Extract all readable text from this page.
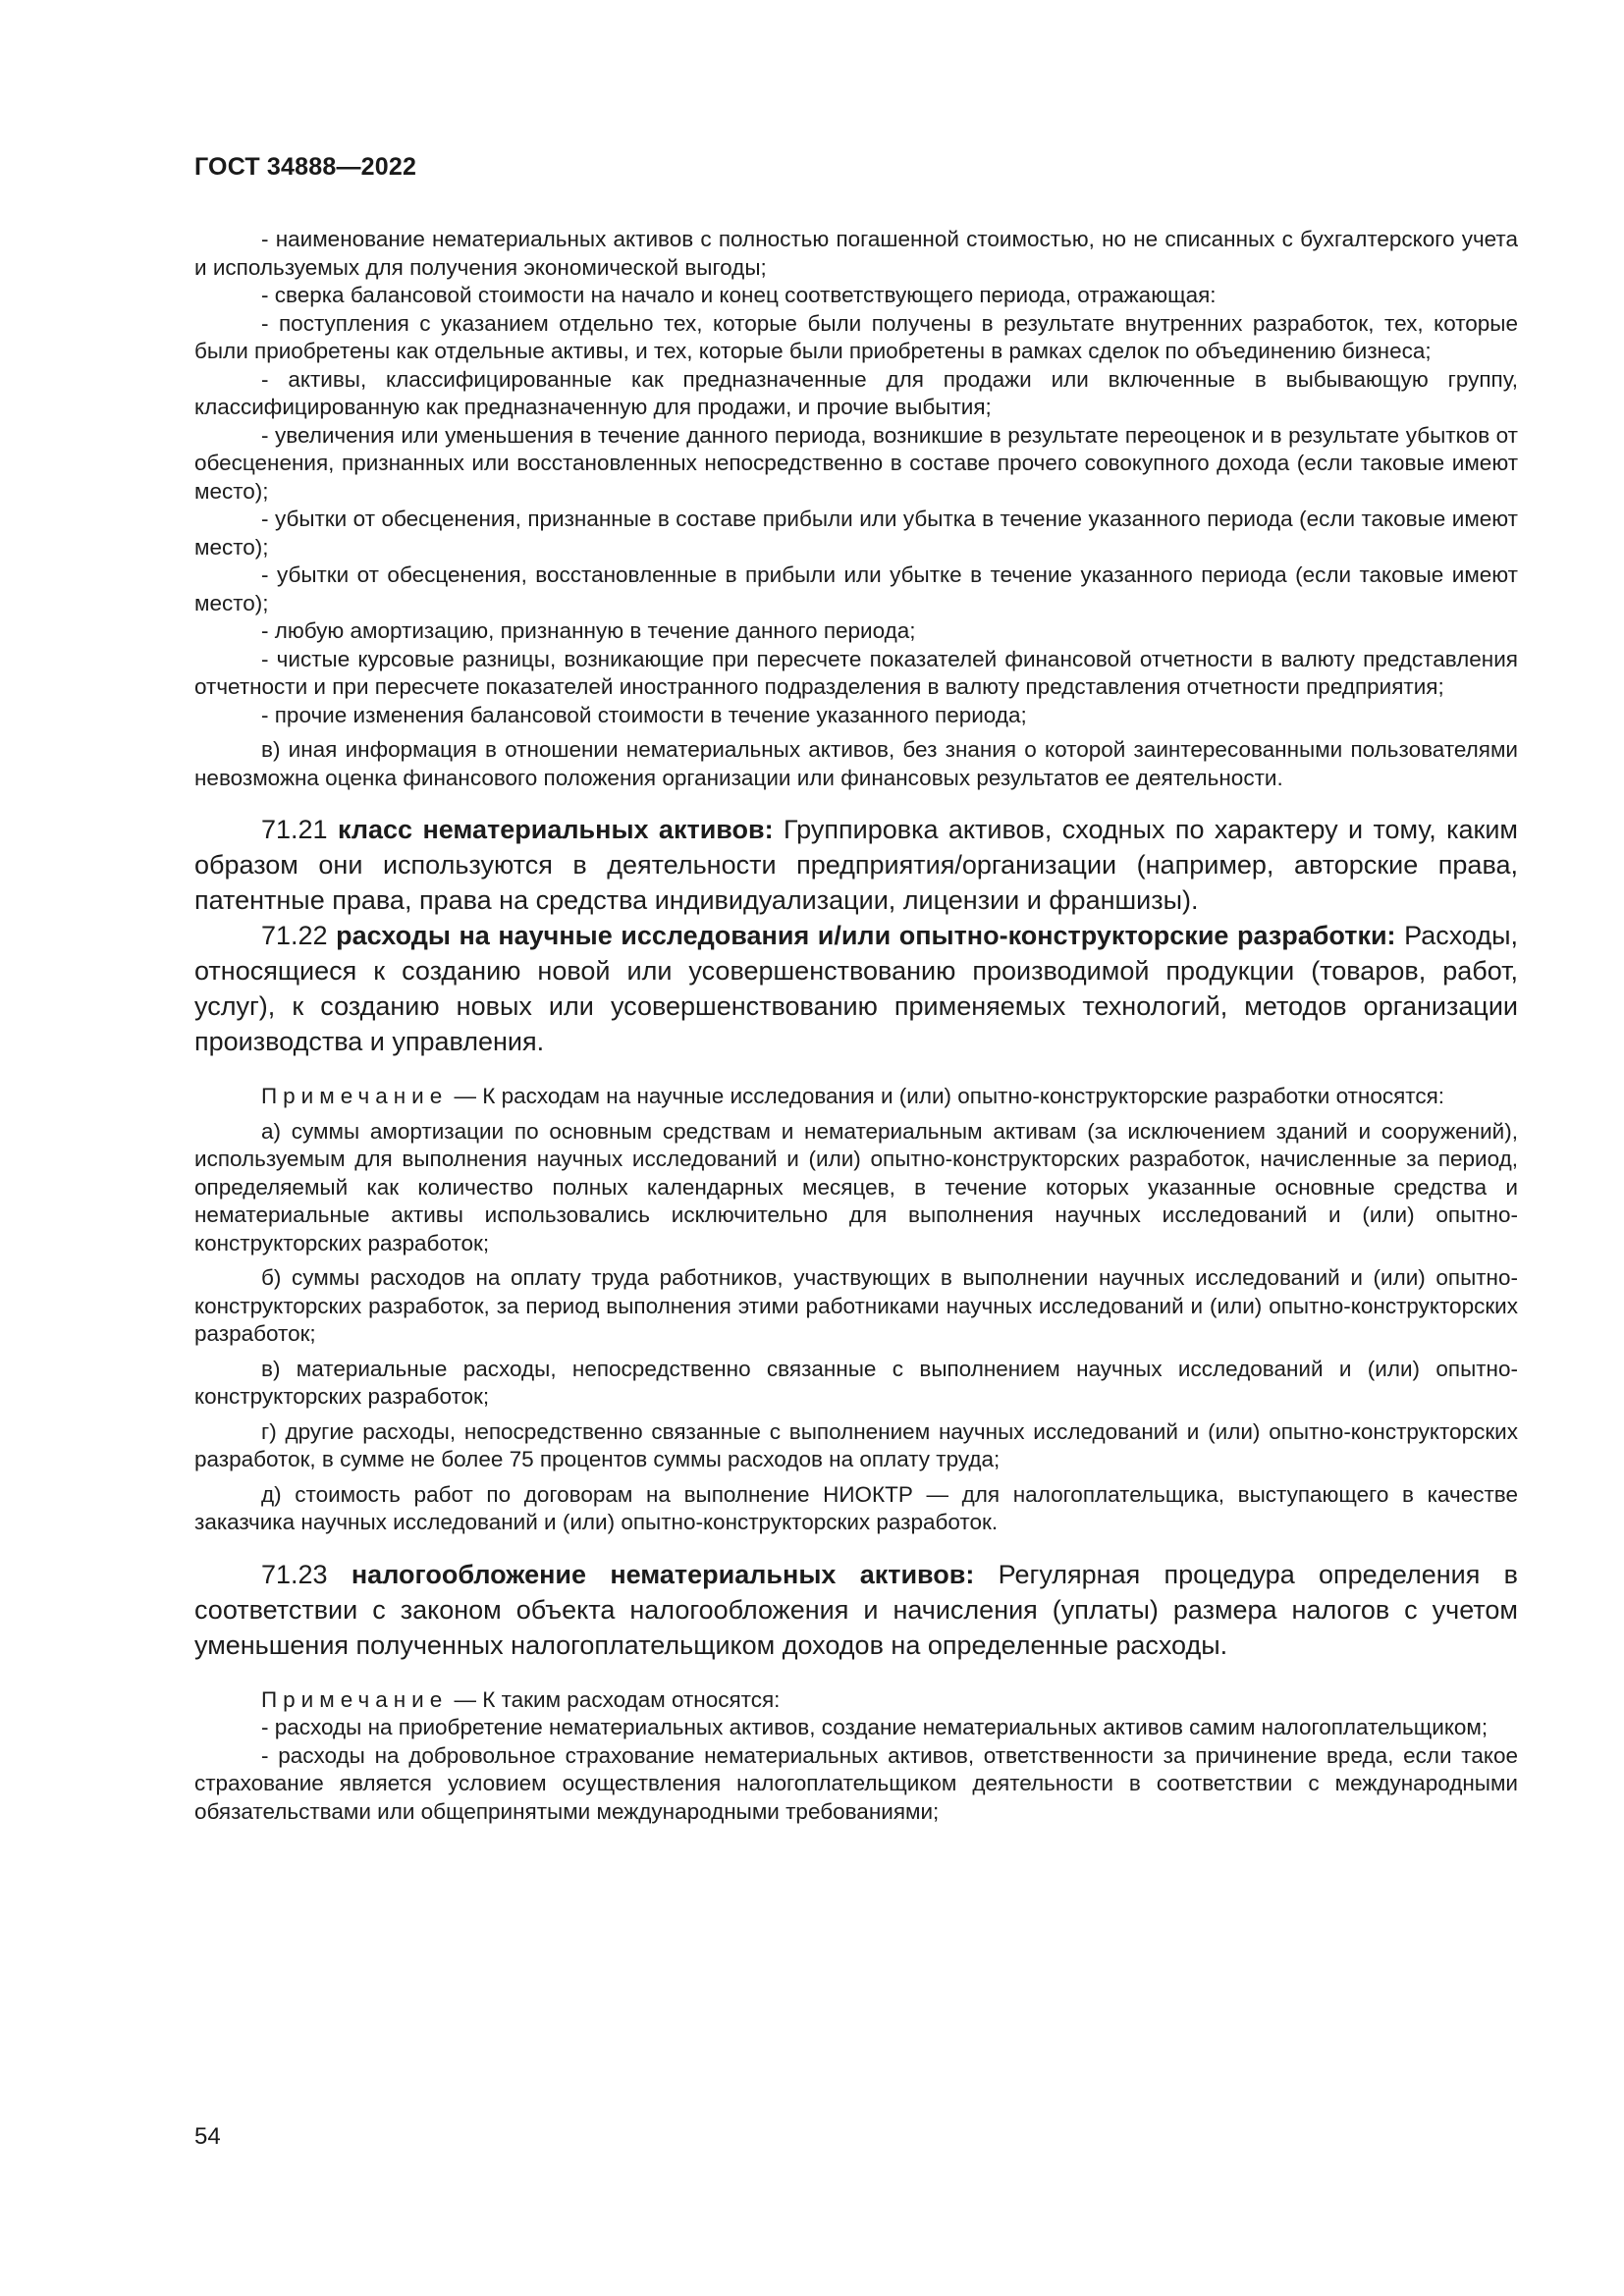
ГОСТ 34888—2022

- наименование нематериальных активов с полностью погашенной стоимостью, но не списанных с бухгалтерского учета и используемых для получения экономической выгоды;

- сверка балансовой стоимости на начало и конец соответствующего периода, отражающая:

- поступления с указанием отдельно тех, которые были получены в результате внутренних разработок, тех, которые были приобретены как отдельные активы, и тех, которые были приобретены в рамках сделок по объединению бизнеса;

- активы, классифицированные как предназначенные для продажи или включенные в выбывающую группу, классифицированную как предназначенную для продажи, и прочие выбытия;

- увеличения или уменьшения в течение данного периода, возникшие в результате переоценок и в результате убытков от обесценения, признанных или восстановленных непосредственно в составе прочего совокупного дохода (если таковые имеют место);

- убытки от обесценения, признанные в составе прибыли или убытка в течение указанного периода (если таковые имеют место);

- убытки от обесценения, восстановленные в прибыли или убытке в течение указанного периода (если таковые имеют место);

- любую амортизацию, признанную в течение данного периода;

- чистые курсовые разницы, возникающие при пересчете показателей финансовой отчетности в валюту представления отчетности и при пересчете показателей иностранного подразделения в валюту представления отчетности предприятия;

- прочие изменения балансовой стоимости в течение указанного периода;

в) иная информация в отношении нематериальных активов, без знания о которой заинтересованными пользователями невозможна оценка финансового положения организации или финансовых результатов ее деятельности.

71.21 класс нематериальных активов: Группировка активов, сходных по характеру и тому, каким образом они используются в деятельности предприятия/организации (например, авторские права, патентные права, права на средства индивидуализации, лицензии и франшизы).

71.22 расходы на научные исследования и/или опытно-конструкторские разработки: Расходы, относящиеся к созданию новой или усовершенствованию производимой продукции (товаров, работ, услуг), к созданию новых или усовершенствованию применяемых технологий, методов организации производства и управления.

Примечание — К расходам на научные исследования и (или) опытно-конструкторские разработки относятся:

а) суммы амортизации по основным средствам и нематериальным активам (за исключением зданий и сооружений), используемым для выполнения научных исследований и (или) опытно-конструкторских разработок, начисленные за период, определяемый как количество полных календарных месяцев, в течение которых указанные основные средства и нематериальные активы использовались исключительно для выполнения научных исследований и (или) опытно-конструкторских разработок;

б) суммы расходов на оплату труда работников, участвующих в выполнении научных исследований и (или) опытно-конструкторских разработок, за период выполнения этими работниками научных исследований и (или) опытно-конструкторских разработок;

в) материальные расходы, непосредственно связанные с выполнением научных исследований и (или) опытно-конструкторских разработок;

г) другие расходы, непосредственно связанные с выполнением научных исследований и (или) опытно-конструкторских разработок, в сумме не более 75 процентов суммы расходов на оплату труда;

д) стоимость работ по договорам на выполнение НИОКТР — для налогоплательщика, выступающего в качестве заказчика научных исследований и (или) опытно-конструкторских разработок.

71.23 налогообложение нематериальных активов: Регулярная процедура определения в соответствии с законом объекта налогообложения и начисления (уплаты) размера налогов с учетом уменьшения полученных налогоплательщиком доходов на определенные расходы.

Примечание — К таким расходам относятся:

- расходы на приобретение нематериальных активов, создание нематериальных активов самим налогоплательщиком;

- расходы на добровольное страхование нематериальных активов, ответственности за причинение вреда, если такое страхование является условием осуществления налогоплательщиком деятельности в соответствии с международными обязательствами или общепринятыми международными требованиями;

54
